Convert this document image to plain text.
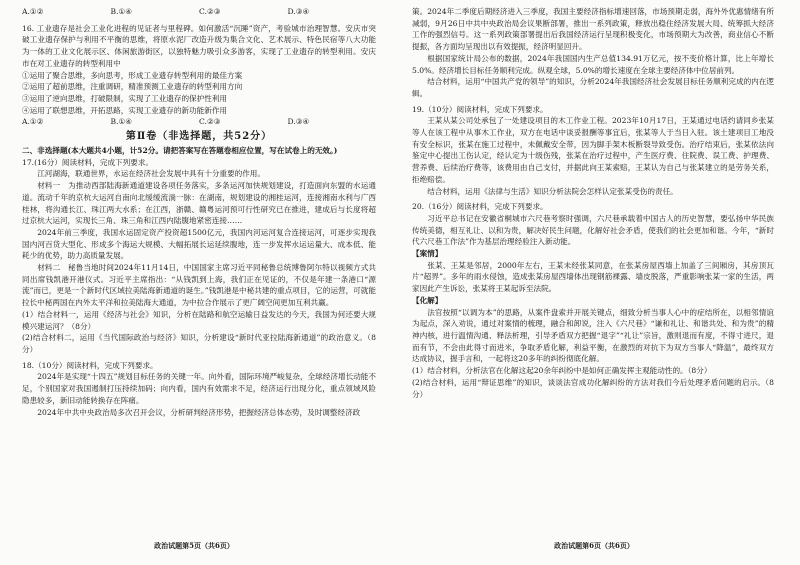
A.①②	B.①④	C.②③	D.③④

16. 工业遗存是社会工业化进程的见证者与里程碑。如何激活“沉睡”资产，考验城市治理智慧。安庆市突破工业遗存保护与利用不平衡的思维，将原水泥厂改造升级为集合文化、艺术展示、特色民宿等八大功能为一体的工业文化展示区、体闲旅游街区，以独特魅力吸引众多游客，实现了工业遗存的转型利用。安庆市在对工业遗存的转型利用中

①运用了聚合思维，多向思考，形成工业遗存转型利用的最佳方案

②运用了超前思维，注重调研，精准预测工业遗存的转型利用方向

③运用了逆向思维，打破限制，实现了工业遗存的保护性利用

④运用了联想思维，开拓思路，实现工业遗存的新功能新作用

A.①②	B.①④	C.②③	D.③④
第Ⅱ卷（非选择题，共52分）

二、非选择题(本大题共4小题，计52分。请把答案写在答题卷相应位置，写在试卷上的无效。)

17.(16分）阅读材料，完成下列要求。

江河湖海，联通世界，水运在经济社会发展中具有十分重要的作用。

材料一　为推动西部陆海新通道建设各项任务落实，多条运河加快规划建设，打造面向东盟的水运通道。流动千年的京杭大运河自南向北缓缓流淌一脉：在湖南，规划建设的湘桂运河，连接湘南水利与广西桂林，将沟通长江、珠江两大水系；在江西，浙赣、赣粤运河预可行性研究已在推进，建成后与长度将超过京杭大运河，实现长三角、珠三角和江西内陆腹地紧密连接……

2024年前三季度，我国水运固定资产投资超1500亿元，我国内河运河复合连接运河，可逐步实现我国内河百货大型化、形成多个海运大规模、大幅拓展长运延续腹地，连一步发挥水运运量大、成本低、能耗少的优势，助力高质量发展。

材料二　秘鲁当地时间2024年11月14日，中国国家主席习近平同秘鲁总统博鲁阿尔特以视频方式共同出席钱凯港开港仪式。习近平主席指出：“从钱凯到上海，我们正在见证的，不仅是年建一条港口“源流”而已，更是一个新时代区域拉美陆海新通道的诞生。”钱凯港是中秘共建的重点项目，它的运营，可就能拉长中秘两国在内外太平洋和拉美陆海大通道，为中拉合作展示了更广阔空间更加互利共赢。

(1）结合材料一，运用《经济与社会》知识，分析在陆路和航空运输日益发达的今天，我国为何还要大规模兴建运河？（8分）

(2)结合材料二，运用《当代国际政治与经济》知识，分析建设“新时代亚拉陆海新通道”的政治意义。（8分）

18.（10分）阅读材料，完成下列要求。

2024年是实现“十四五”规划目标任务的关键一年。向外看，国际环境严峻复杂，全球经济增长动能不足，个别国家对我国遏制打压持续加码；向内看，国内有效需求不足，经济运行出现分化，重点领域风险隐患较多，新旧动能转换存在阵痛。

2024年中共中央政治局多次召开会议，分析研判经济形势，把握经济总体态势，及时调整经济政

政治试题第5页（共6页）

策。2024年二季度后期经济进入三季度，我国主要经济指标增速回落，市场预期走弱，海外外优惠情绪有所减弱，9月26日中共中央政治局会议果断部署，推出一系列政策，释放出稳住经济发展大局、统筹抓大经济工作的强烈信号。这一系列政策部署提出后我国经济运行呈现积极变化，市场预期大为改善，商业信心不断提振，各方面均呈现出以有效提振，经济明显回升。

根据国家统计局公布的数据，2024年我国国内生产总值134.91万亿元，按不变价格计算，比上年增长5.0%。经济增长目标任务顺利完成。纵观全球，5.0%的增长速度在全球主要经济体中位居前列。

结合材料，运用“中国共产党的领导”的知识，分析2024年我国经济社会发展目标任务顺利完成的内在逻辑。

19.（10分）阅读材料，完成下列要求。

王某从某公司处承包了一处建设项目的木工作业工程。2023年10月17日，王某通过电话约请同乡张某等人在该工程中从事木工作业，双方在电话中谈妥报酬等事宜后，张某等人于当日入驻。该土建项目工地没有安全标识，张某在施工过程中，未佩戴安全带，因为脚手架木板断裂导致受伤。治疗结束后，张某依法向鉴定中心提出工伤认定，经认定为十级伤残，张某在治疗过程中，产生医疗费、住院费、误工费、护理费、营养费、后续治疗费等，该费用由自己支付，并据此向王某索赔，王某认为自己与张某建立的是劳务关系，拒绝赔偿。

结合材料，运用《法律与生活》知识分析法院会怎样认定张某受伤的责任。

20.（16分）阅读材料，完成下列要求。

习近平总书记在安徽省桐城市六尺巷考察时强调，六尺巷承载着中国古人的历史智慧，要弘扬中华民族传统美德，相互礼让、以和为贵，解决好民生问题，化解好社会矛盾，使我们的社会更加和谐。今年，“新时代六尺巷工作法”作为基层治理经验注入新动能。

【案情】

张某、王某是邻居，2000年左右，王某未经张某同意，在张某房屋西墙上加盖了三间厢房，其房顶瓦片“超界”。多年的雨水侵蚀，造成张某房屋西墙体出现钢筋裸露、墙皮脱落，严重影响张某一家的生活，两家因此产生诉讼，张某将王某起诉至法院。

【化解】

法官按照“以调为本”的思路，从案件盘索并开展关键点，细致分析当事人心中的症结所在，以相邻情谊为起点，深入劝说，通过对案情的梳理，融合和卸说，注入《六尺巷》“谦和礼让、和谐共处、和为贵”的精神内核，进行温情沟通、释法析理，引导矛盾双方把握“退字”“礼让”宗旨，激则退而有度，不得寸进尺，退而有节，不会由此得寸而进米，争取矛盾化解，利益平衡，在激烈的对抗下为双方当事人“降温”，最终双方达成协议，握手言和，一起将这20多年的纠纷彻底化解。

(1）结合材料，分析法官在化解这起20余年纠纷中是如何正确发挥主观能动性的。（8分）

(2)结合材料，运用“辩证思维”的知识，谈谈法官成功化解纠纷的方法对我们今后处理矛盾问题的启示。（8分）

政治试题第6页（共6页）
